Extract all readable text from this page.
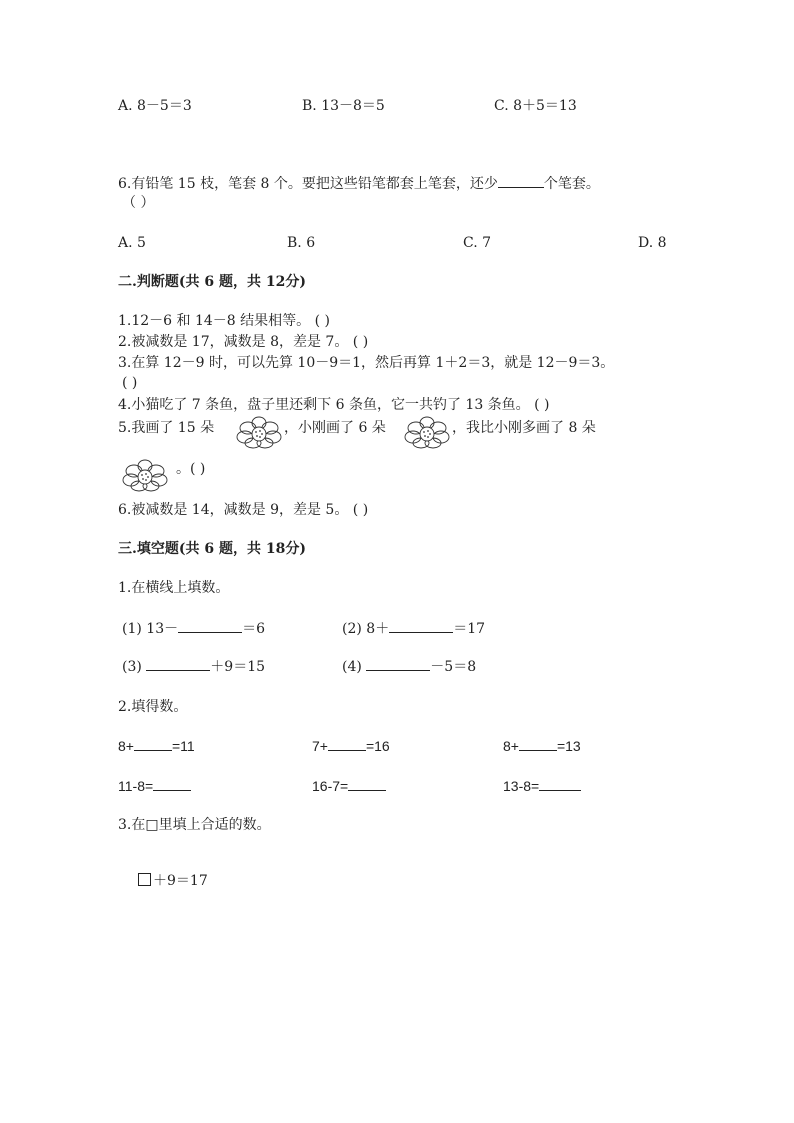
A. 8－5＝3	B. 13－8＝5	C. 8＋5＝13
6.有铅笔 15 枝，笔套 8 个。要把这些铅笔都套上笔套，还少	个笔套。
（ ）
A. 5	B. 6	C. 7	D. 8
二.判断题(共 6 题，共 12分)
1.12－6 和 14－8 结果相等。 ( )
2.被减数是 17，减数是 8，差是 7。 ( )
3.在算 12－9 时，可以先算 10－9＝1，然后再算 1＋2＝3，就是 12－9＝3。
( )
4.小猫吃了 7 条鱼，盘子里还剩下 6 条鱼，它一共钓了 13 条鱼。 ( )
5.我画了 15 朵	，小刚画了 6 朵	，我比小刚多画了 8 朵
。( )
6.被减数是 14，减数是 9，差是 5。 ( )
三.填空题(共 6 题，共 18分)
1.在横线上填数。
(1) 13－	＝6	(2) 8＋	＝17
(3)	＋9＝15	(4)	－5＝8
2.填得数。
8+	=11	7+	=16	8+	=13
11-8=	16-7=	13-8=
3.在□里填上合适的数。
＋9＝17
